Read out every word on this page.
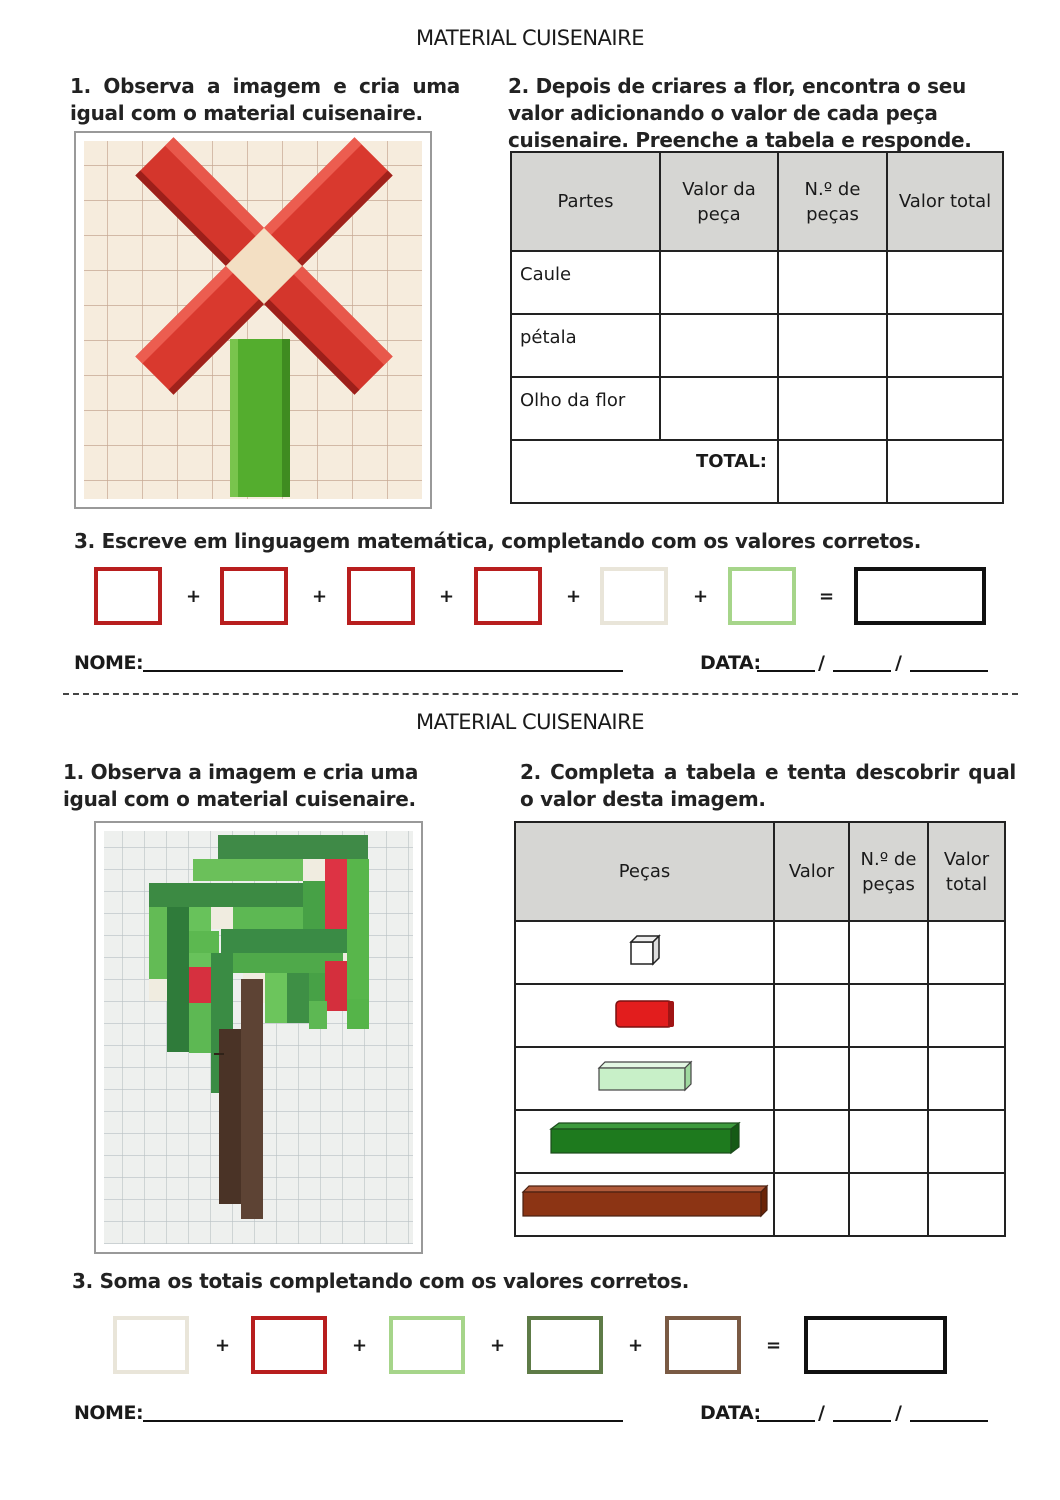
MATERIAL CUISENAIRE
1. Observa a imagem e cria uma igual com o material cuisenaire.
2. Depois de criares a flor, encontra o seu valor adicionando o valor de cada peça cuisenaire. Preenche a tabela e responde.
Partes	Valor da peça	N.º de peças	Valor total
Caule			
pétala			
Olho da flor			
TOTAL:			
3. Escreve em linguagem matemática, completando com os valores corretos.
+	+	+	+	+	=
NOME:	DATA:	/	/
MATERIAL CUISENAIRE
1. Observa a imagem e cria uma igual com o material cuisenaire.
2. Completa a tabela e tenta descobrir qual o valor desta imagem.
Peças	Valor	N.º de peças	Valor total

3. Soma os totais completando com os valores corretos.
+	+	+	+	=
NOME:	DATA:	/	/
